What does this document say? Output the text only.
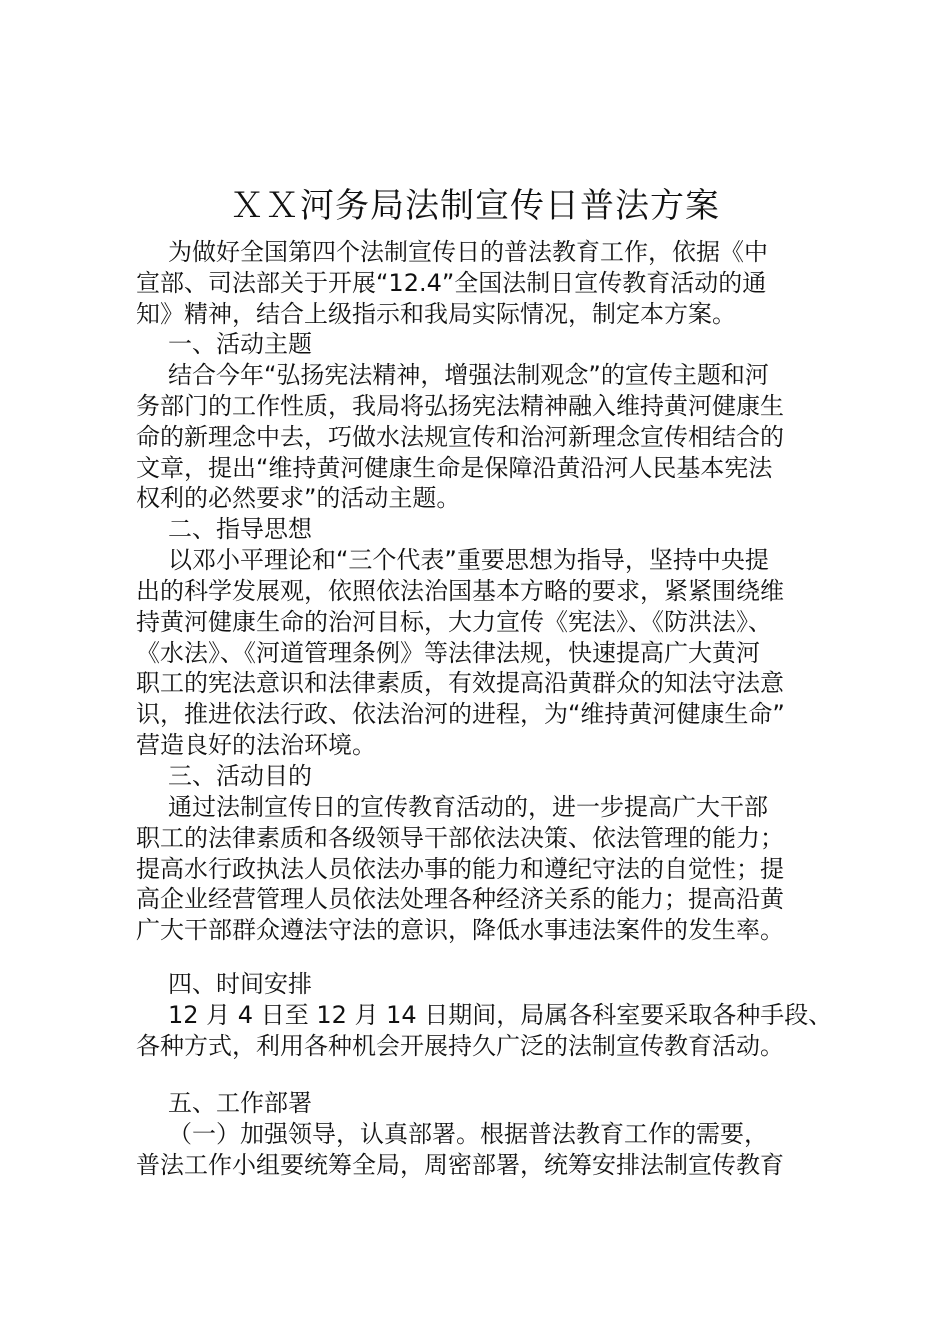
ＸＸ河务局法制宣传日普法方案
为做好全国第四个法制宣传日的普法教育工作，依据《中
宣部、司法部关于开展“12.4”全国法制日宣传教育活动的通
知》精神，结合上级指示和我局实际情况，制定本方案。
一、活动主题
结合今年“弘扬宪法精神，增强法制观念”的宣传主题和河
务部门的工作性质，我局将弘扬宪法精神融入维持黄河健康生
命的新理念中去，巧做水法规宣传和治河新理念宣传相结合的
文章，提出“维持黄河健康生命是保障沿黄沿河人民基本宪法
权利的必然要求”的活动主题。
二、指导思想
以邓小平理论和“三个代表”重要思想为指导，坚持中央提
出的科学发展观，依照依法治国基本方略的要求，紧紧围绕维
持黄河健康生命的治河目标，大力宣传《宪法》、《防洪法》、
《水法》、《河道管理条例》等法律法规，快速提高广大黄河
职工的宪法意识和法律素质，有效提高沿黄群众的知法守法意
识，推进依法行政、依法治河的进程，为“维持黄河健康生命”
营造良好的法治环境。
三、活动目的
通过法制宣传日的宣传教育活动的，进一步提高广大干部
职工的法律素质和各级领导干部依法决策、依法管理的能力；
提高水行政执法人员依法办事的能力和遵纪守法的自觉性；提
高企业经营管理人员依法处理各种经济关系的能力；提高沿黄
广大干部群众遵法守法的意识，降低水事违法案件的发生率。
四、时间安排
12 月 4 日至 12 月 14 日期间，局属各科室要采取各种手段、
各种方式，利用各种机会开展持久广泛的法制宣传教育活动。
五、工作部署
（一）加强领导，认真部署。根据普法教育工作的需要，
普法工作小组要统筹全局，周密部署，统筹安排法制宣传教育
